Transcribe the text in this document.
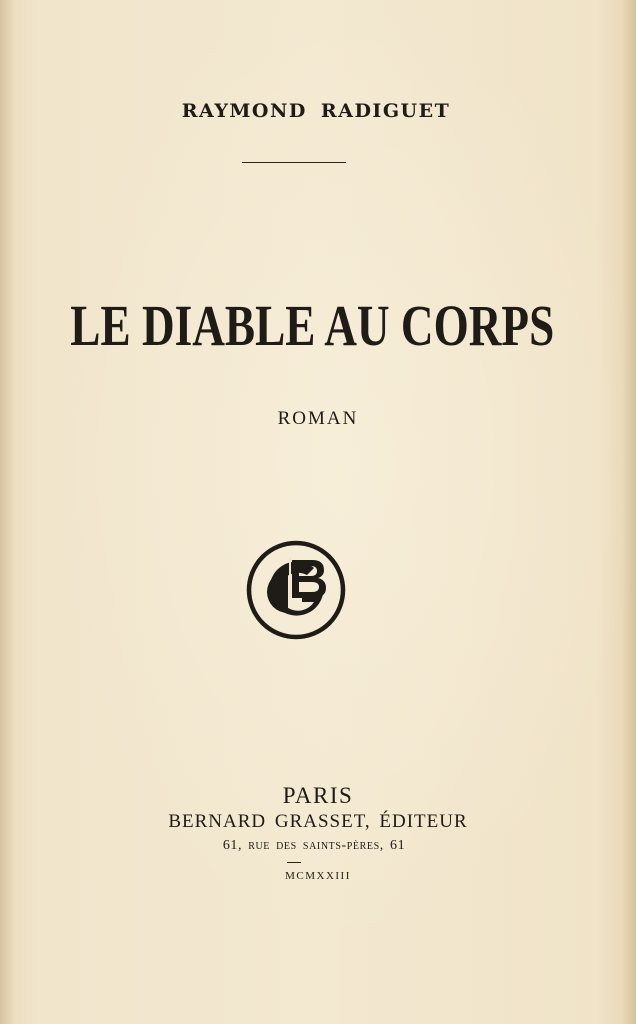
RAYMOND RADIGUET
LE DIABLE AU CORPS
ROMAN
PARIS
BERNARD GRASSET, ÉDITEUR
61, rue des saints-pères, 61
MCMXXIII
